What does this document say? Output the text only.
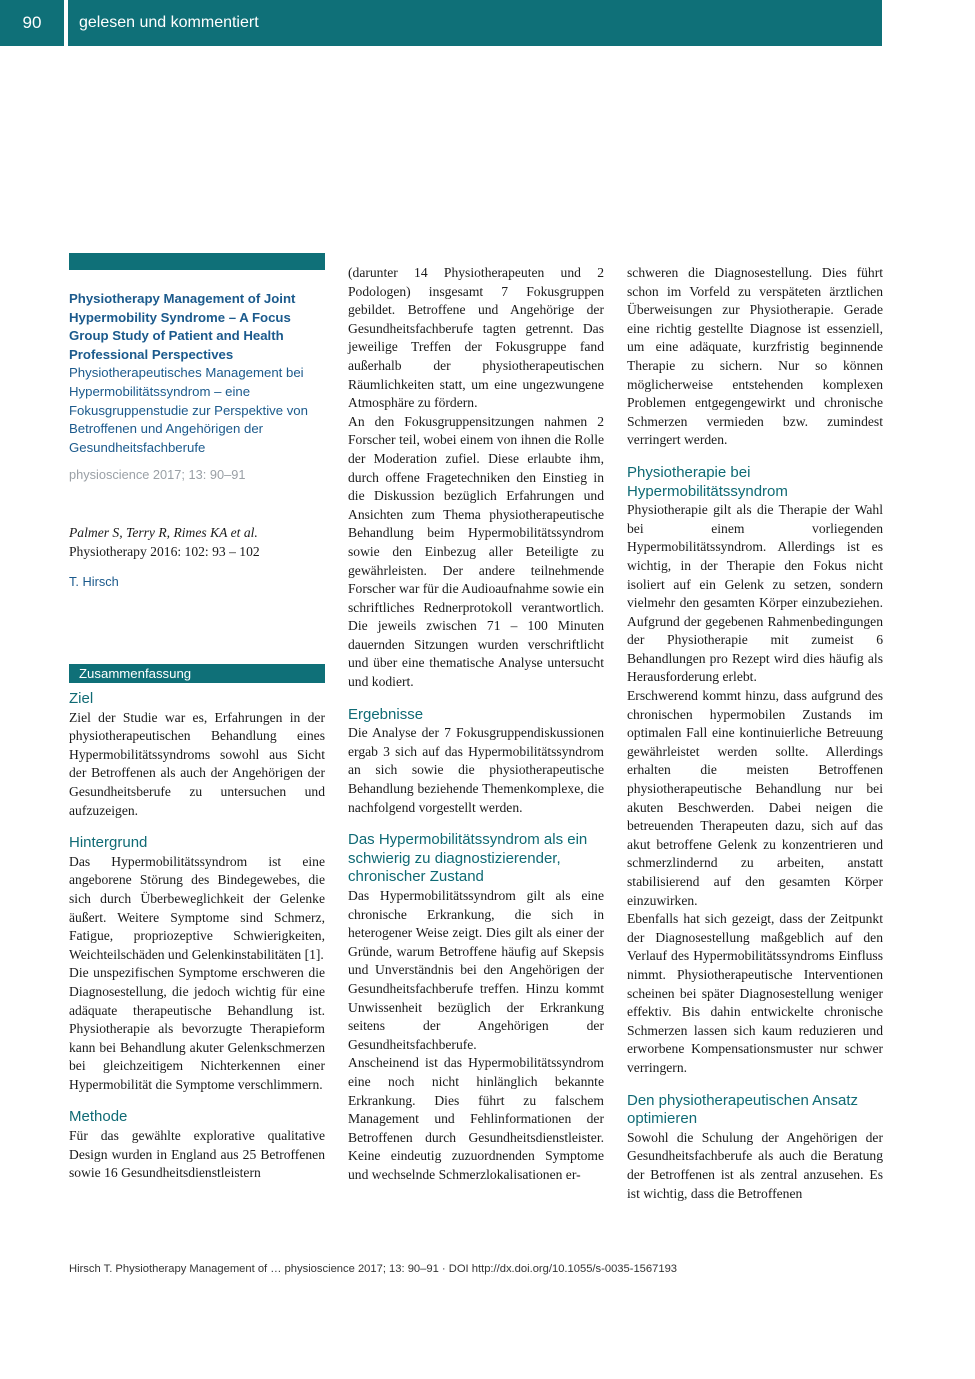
90	gelesen und kommentiert
Physiotherapy Management of Joint Hypermobility Syndrome – A Focus Group Study of Patient and Health Professional Perspectives
Physiotherapeutisches Management bei Hypermobilitätssyndrom – eine Fokusgruppenstudie zur Perspektive von Betroffenen und Angehörigen der Gesundheitsfachberufe
physioscience 2017; 13: 90–91
Palmer S, Terry R, Rimes KA et al. Physiotherapy 2016: 102: 93 – 102
T. Hirsch
Zusammenfassung
Ziel

Ziel der Studie war es, Erfahrungen in der physiotherapeutischen Behandlung eines Hypermobilitätssyndroms sowohl aus Sicht der Betroffenen als auch der Angehörigen der Gesundheitsberufe zu untersuchen und aufzuzeigen.

Hintergrund

Das Hypermobilitätssyndrom ist eine angeborene Störung des Bindegewebes, die sich durch Überbeweglichkeit der Gelenke äußert. Weitere Symptome sind Schmerz, Fatigue, propriozeptive Schwierigkeiten, Weichteilschäden und Gelenkinstabilitäten [1].

Die unspezifischen Symptome erschweren die Diagnosestellung, die jedoch wichtig für eine adäquate therapeutische Behandlung ist. Physiotherapie als bevorzugte Therapieform kann bei Behandlung akuter Gelenkschmerzen bei gleichzeitigem Nichterkennen einer Hypermobilität die Symptome verschlimmern.

Methode

Für das gewählte explorative qualitative Design wurden in England aus 25 Betroffenen sowie 16 Gesundheitsdienstleistern

(darunter 14 Physiotherapeuten und 2 Podologen) insgesamt 7 Fokusgruppen gebildet. Betroffene und Angehörige der Gesundheitsfachberufe tagten getrennt. Das jeweilige Treffen der Fokusgruppe fand außerhalb der physiotherapeutischen Räumlichkeiten statt, um eine ungezwungene Atmosphäre zu fördern.

An den Fokusgruppensitzungen nahmen 2 Forscher teil, wobei einem von ihnen die Rolle der Moderation zufiel. Diese erlaubte ihm, durch offene Fragetechniken den Einstieg in die Diskussion bezüglich Erfahrungen und Ansichten zum Thema physiotherapeutische Behandlung beim Hypermobilitätssyndrom sowie den Einbezug aller Beteiligte zu gewährleisten. Der andere teilnehmende Forscher war für die Audioaufnahme sowie ein schriftliches Rednerprotokoll verantwortlich. Die jeweils zwischen 71 – 100 Minuten dauernden Sitzungen wurden verschriftlicht und über eine thematische Analyse untersucht und kodiert.

Ergebnisse

Die Analyse der 7 Fokusgruppendiskussionen ergab 3 sich auf das Hypermobilitätssyndrom an sich sowie die physiotherapeutische Behandlung beziehende Themenkomplexe, die nachfolgend vorgestellt werden.

Das Hypermobilitätssyndrom als ein schwierig zu diagnostizierender, chronischer Zustand

Das Hypermobilitätssyndrom gilt als eine chronische Erkrankung, die sich in heterogener Weise zeigt. Dies gilt als einer der Gründe, warum Betroffene häufig auf Skepsis und Unverständnis bei den Angehörigen der Gesundheitsfachberufe treffen. Hinzu kommt Unwissenheit bezüglich der Erkrankung seitens der Angehörigen der Gesundheitsfachberufe.

Anscheinend ist das Hypermobilitätssyndrom eine noch nicht hinlänglich bekannte Erkrankung. Dies führt zu falschem Management und Fehlinformationen der Betroffenen durch Gesundheitsdienstleister. Keine eindeutig zuzuordnenden Symptome und wechselnde Schmerzlokalisationen er-

schweren die Diagnosestellung. Dies führt schon im Vorfeld zu verspäteten ärztlichen Überweisungen zur Physiotherapie. Gerade eine richtig gestellte Diagnose ist essenziell, um eine adäquate, kurzfristig beginnende Therapie zu sichern. Nur so können möglicherweise entstehenden komplexen Problemen entgegengewirkt und chronische Schmerzen vermieden bzw. zumindest verringert werden.

Physiotherapie bei Hypermobilitätssyndrom

Physiotherapie gilt als die Therapie der Wahl bei einem vorliegenden Hypermobilitätssyndrom. Allerdings ist es wichtig, in der Therapie den Fokus nicht isoliert auf ein Gelenk zu setzen, sondern vielmehr den gesamten Körper einzubeziehen. Aufgrund der gegebenen Rahmenbedingungen der Physiotherapie mit zumeist 6 Behandlungen pro Rezept wird dies häufig als Herausforderung erlebt.

Erschwerend kommt hinzu, dass aufgrund des chronischen hypermobilen Zustands im optimalen Fall eine kontinuierliche Betreuung gewährleistet werden sollte. Allerdings erhalten die meisten Betroffenen physiotherapeutische Behandlung nur bei akuten Beschwerden. Dabei neigen die betreuenden Therapeuten dazu, sich auf das akut betroffene Gelenk zu konzentrieren und schmerzlindernd zu arbeiten, anstatt stabilisierend auf den gesamten Körper einzuwirken.

Ebenfalls hat sich gezeigt, dass der Zeitpunkt der Diagnosestellung maßgeblich auf den Verlauf des Hypermobilitätssyndroms Einfluss nimmt. Physiotherapeutische Interventionen scheinen bei später Diagnosestellung weniger effektiv. Bis dahin entwickelte chronische Schmerzen lassen sich kaum reduzieren und erworbene Kompensationsmuster nur schwer verringern.

Den physiotherapeutischen Ansatz optimieren

Sowohl die Schulung der Angehörigen der Gesundheitsfachberufe als auch die Beratung der Betroffenen ist als zentral anzusehen. Es ist wichtig, dass die Betroffenen

Hirsch T. Physiotherapy Management of … physioscience 2017; 13: 90–91 · DOI http://dx.doi.org/10.1055/s-0035-1567193
